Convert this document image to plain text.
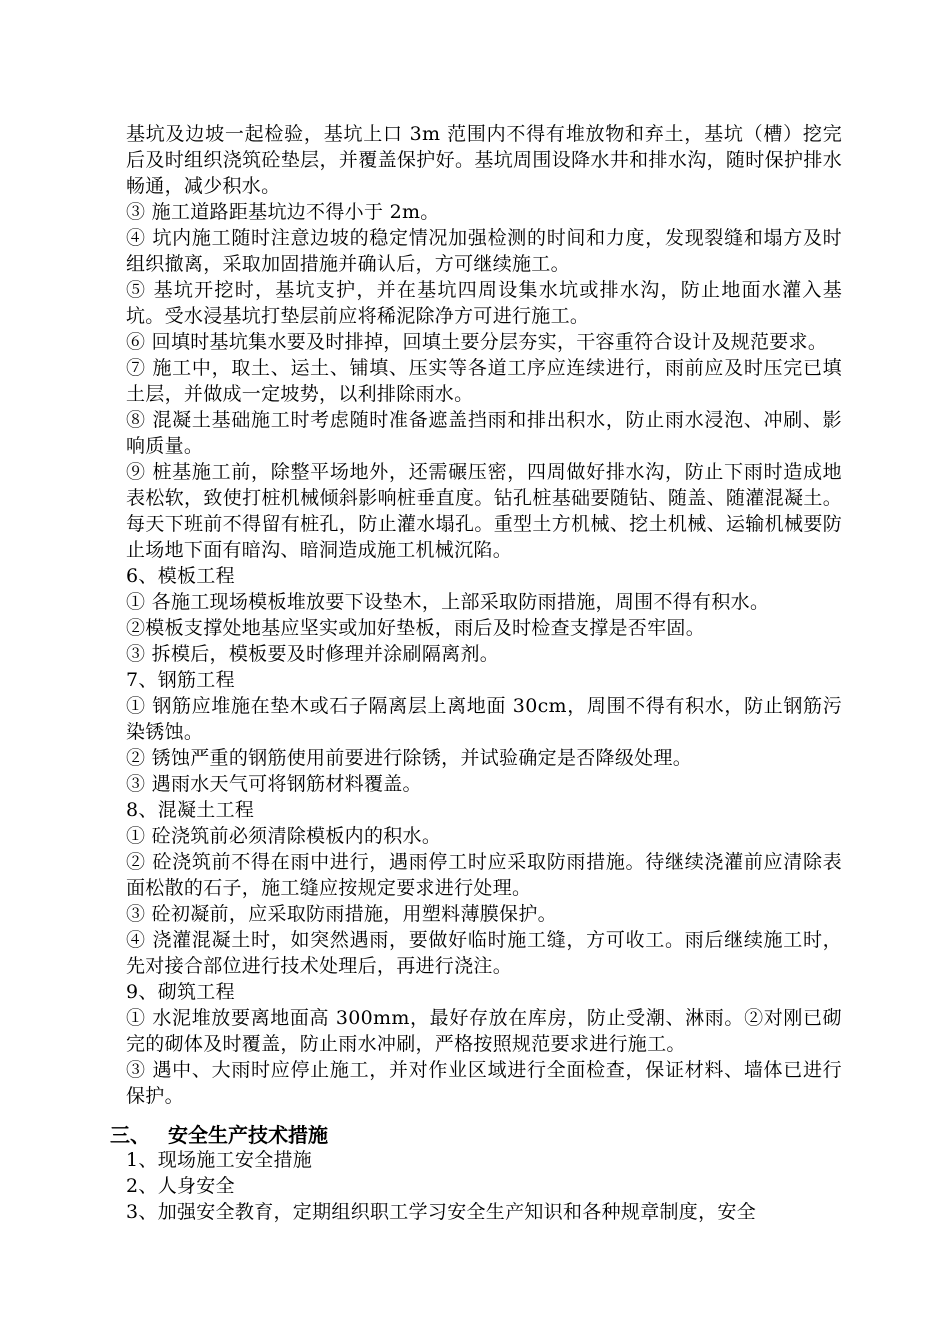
基坑及边坡一起检验，基坑上口 3m 范围内不得有堆放物和弃土，基坑（槽）挖完后及时组织浇筑砼垫层，并覆盖保护好。基坑周围设降水井和排水沟，随时保护排水畅通，减少积水。

③ 施工道路距基坑边不得小于 2m。

④ 坑内施工随时注意边坡的稳定情况加强检测的时间和力度，发现裂缝和塌方及时组织撤离，采取加固措施并确认后，方可继续施工。

⑤ 基坑开挖时，基坑支护，并在基坑四周设集水坑或排水沟，防止地面水灌入基坑。受水浸基坑打垫层前应将稀泥除净方可进行施工。

⑥ 回填时基坑集水要及时排掉，回填土要分层夯实，干容重符合设计及规范要求。

⑦ 施工中，取土、运土、铺填、压实等各道工序应连续进行，雨前应及时压完已填土层，并做成一定坡势，以利排除雨水。

⑧ 混凝土基础施工时考虑随时准备遮盖挡雨和排出积水，防止雨水浸泡、冲刷、影响质量。

⑨ 桩基施工前，除整平场地外，还需碾压密，四周做好排水沟，防止下雨时造成地表松软，致使打桩机械倾斜影响桩垂直度。钻孔桩基础要随钻、随盖、随灌混凝土。每天下班前不得留有桩孔，防止灌水塌孔。重型土方机械、挖土机械、运输机械要防止场地下面有暗沟、暗洞造成施工机械沉陷。

6、模板工程

① 各施工现场模板堆放要下设垫木，上部采取防雨措施，周围不得有积水。

②模板支撑处地基应坚实或加好垫板，雨后及时检查支撑是否牢固。

③ 拆模后，模板要及时修理并涂刷隔离剂。

7、钢筋工程

① 钢筋应堆施在垫木或石子隔离层上离地面 30cm，周围不得有积水，防止钢筋污染锈蚀。

② 锈蚀严重的钢筋使用前要进行除锈，并试验确定是否降级处理。

③ 遇雨水天气可将钢筋材料覆盖。

8、混凝土工程

① 砼浇筑前必须清除模板内的积水。

② 砼浇筑前不得在雨中进行，遇雨停工时应采取防雨措施。待继续浇灌前应清除表面松散的石子，施工缝应按规定要求进行处理。

③ 砼初凝前，应采取防雨措施，用塑料薄膜保护。

④ 浇灌混凝土时，如突然遇雨，要做好临时施工缝，方可收工。雨后继续施工时，先对接合部位进行技术处理后，再进行浇注。

9、砌筑工程

① 水泥堆放要离地面高 300mm，最好存放在库房，防止受潮、淋雨。②对刚已砌完的砌体及时覆盖，防止雨水冲刷，严格按照规范要求进行施工。

③ 遇中、大雨时应停止施工，并对作业区域进行全面检查，保证材料、墙体已进行保护。

三、 安全生产技术措施

1、现场施工安全措施

2、人身安全

3、加强安全教育，定期组织职工学习安全生产知识和各种规章制度，安全
